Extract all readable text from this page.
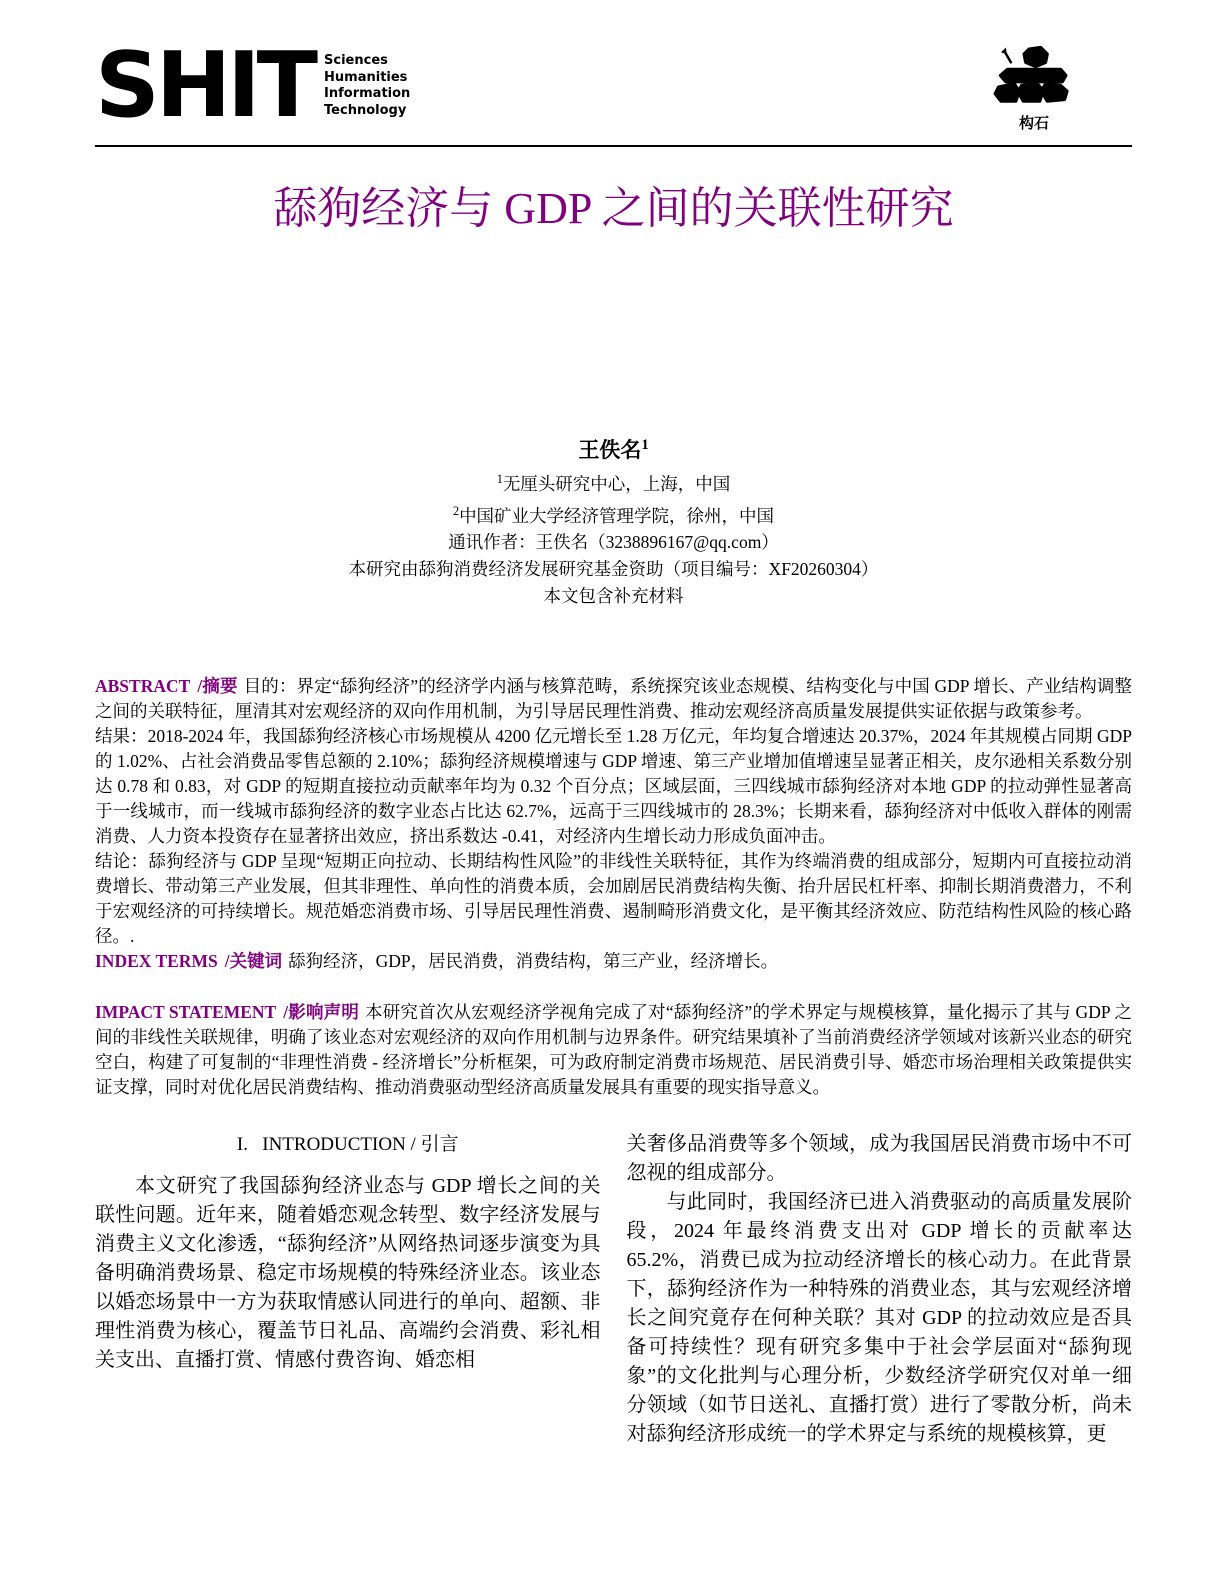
SHIT Sciences
Humanities
Information
Technology
构石
舔狗经济与 GDP 之间的关联性研究
王佚名$^1$
$^1$无厘头研究中心，上海，中国
$^2$中国矿业大学经济管理学院，徐州，中国
通讯作者：王佚名（3238896167@qq.com）
本研究由舔狗消费经济发展研究基金资助（项目编号：XF20260304）
本文包含补充材料

ABSTRACT /摘要 目的：界定“舔狗经济”的经济学内涵与核算范畴，系统探究该业态规模、结构变化与中国 GDP 增长、产业结构调整之间的关联特征，厘清其对宏观经济的双向作用机制，为引导居民理性消费、推动宏观经济高质量发展提供实证依据与政策参考。

结果：2018-2024 年，我国舔狗经济核心市场规模从 4200 亿元增长至 1.28 万亿元，年均复合增速达 20.37%，2024 年其规模占同期 GDP 的 1.02%、占社会消费品零售总额的 2.10%；舔狗经济规模增速与 GDP 增速、第三产业增加值增速呈显著正相关，皮尔逊相关系数分别达 0.78 和 0.83，对 GDP 的短期直接拉动贡献率年均为 0.32 个百分点；区域层面，三四线城市舔狗经济对本地 GDP 的拉动弹性显著高于一线城市，而一线城市舔狗经济的数字业态占比达 62.7%，远高于三四线城市的 28.3%；长期来看，舔狗经济对中低收入群体的刚需消费、人力资本投资存在显著挤出效应，挤出系数达 -0.41，对经济内生增长动力形成负面冲击。

结论：舔狗经济与 GDP 呈现“短期正向拉动、长期结构性风险”的非线性关联特征，其作为终端消费的组成部分，短期内可直接拉动消费增长、带动第三产业发展，但其非理性、单向性的消费本质，会加剧居民消费结构失衡、抬升居民杠杆率、抑制长期消费潜力，不利于宏观经济的可持续增长。规范婚恋消费市场、引导居民理性消费、遏制畸形消费文化，是平衡其经济效应、防范结构性风险的核心路径。.

INDEX TERMS /关键词 舔狗经济，GDP，居民消费，消费结构，第三产业，经济增长。

IMPACT STATEMENT /影响声明 本研究首次从宏观经济学视角完成了对“舔狗经济”的学术界定与规模核算，量化揭示了其与 GDP 之间的非线性关联规律，明确了该业态对宏观经济的双向作用机制与边界条件。研究结果填补了当前消费经济学领域对该新兴业态的研究空白，构建了可复制的“非理性消费 - 经济增长”分析框架，可为政府制定消费市场规范、居民消费引导、婚恋市场治理相关政策提供实证支撑，同时对优化居民消费结构、推动消费驱动型经济高质量发展具有重要的现实指导意义。

I.   INTRODUCTION / 引言

本文研究了我国舔狗经济业态与 GDP 增长之间的关联性问题。近年来，随着婚恋观念转型、数字经济发展与消费主义文化渗透，“舔狗经济”从网络热词逐步演变为具备明确消费场景、稳定市场规模的特殊经济业态。该业态以婚恋场景中一方为获取情感认同进行的单向、超额、非理性消费为核心，覆盖节日礼品、高端约会消费、彩礼相关支出、直播打赏、情感付费咨询、婚恋相

关奢侈品消费等多个领域，成为我国居民消费市场中不可忽视的组成部分。

与此同时，我国经济已进入消费驱动的高质量发展阶段，2024 年最终消费支出对 GDP 增长的贡献率达 65.2%，消费已成为拉动经济增长的核心动力。在此背景下，舔狗经济作为一种特殊的消费业态，其与宏观经济增长之间究竟存在何种关联？其对 GDP 的拉动效应是否具备可持续性？现有研究多集中于社会学层面对“舔狗现象”的文化批判与心理分析，少数经济学研究仅对单一细分领域（如节日送礼、直播打赏）进行了零散分析，尚未对舔狗经济形成统一的学术界定与系统的规模核算，更
